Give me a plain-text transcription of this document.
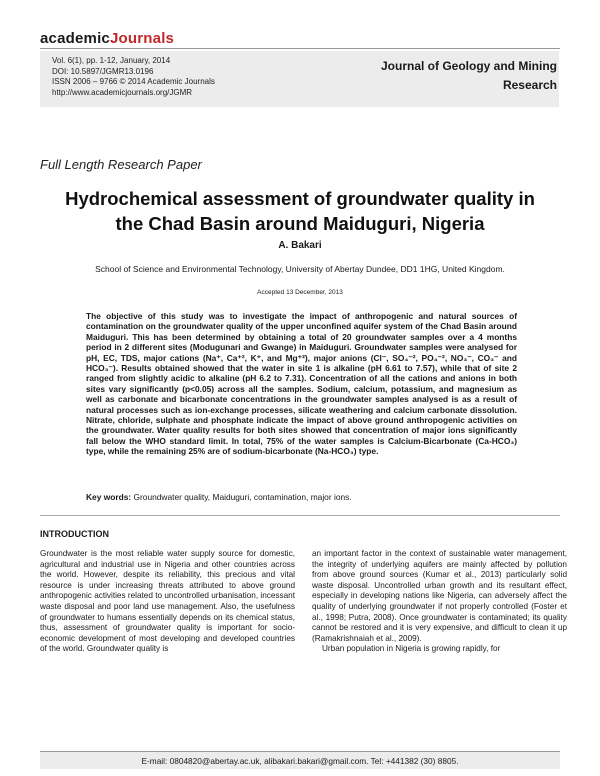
academicJournals
Vol. 6(1), pp. 1-12, January, 2014
DOI: 10.5897/JGMR13.0196
ISSN 2006 – 9766 © 2014 Academic Journals
http://www.academicjournals.org/JGMR
Journal of Geology and Mining
Research
Full Length Research Paper
Hydrochemical assessment of groundwater quality in
the Chad Basin around Maiduguri, Nigeria
A. Bakari
School of Science and Environmental Technology, University of Abertay Dundee, DD1 1HG, United Kingdom.
Accepted 13 December, 2013
The objective of this study was to investigate the impact of anthropogenic and natural sources of contamination on the groundwater quality of the upper unconfined aquifer system of the Chad Basin around Maiduguri. This has been determined by obtaining a total of 20 groundwater samples over a 4 months period in 2 different sites (Modugunari and Gwange) in Maiduguri. Groundwater samples were analysed for pH, EC, TDS, major cations (Na⁺, Ca⁺², K⁺, and Mg⁺²), major anions (Cl⁻, SO₄⁻², PO₄⁻², NO₃⁻, CO₃⁻ and HCO₃⁻). Results obtained showed that the water in site 1 is alkaline (pH 6.61 to 7.57), while that of site 2 ranged from slightly acidic to alkaline (pH 6.2 to 7.31). Concentration of all the cations and anions in both sites vary significantly (p<0.05) across all the samples. Sodium, calcium, potassium, and magnesium as well as carbonate and bicarbonate concentrations in the groundwater samples analysed is as a result of natural processes such as ion-exchange processes, silicate weathering and calcium carbonate dissolution. Nitrate, chloride, sulphate and phosphate indicate the impact of above ground anthropogenic activities on the groundwater. Water quality results for both sites showed that concentration of major ions significantly fall below the WHO standard limit. In total, 75% of the water samples is Calcium-Bicarbonate (Ca-HCO₃) type, while the remaining 25% are of sodium-bicarbonate (Na-HCO₃) type.
Key words: Groundwater quality, Maiduguri, contamination, major ions.
INTRODUCTION

Groundwater is the most reliable water supply source for domestic, agricultural and industrial use in Nigeria and other countries across the world. However, despite its reliability, this precious and vital resource is under increasing threats attributed to above ground anthropogenic activities related to uncontrolled urbanisation, incessant waste disposal and poor land use management. Also, the usefulness of groundwater to humans essentially depends on its chemical status, thus, assessment of groundwater quality is important for socio-economic development of most developing and developed countries of the world. Groundwater quality is

an important factor in the context of sustainable water management, the integrity of underlying aquifers are mainly affected by pollution from above ground sources (Kumar et al., 2013) particularly solid waste disposal. Uncontrolled urban growth and its resultant effect, especially in developing nations like Nigeria, can adversely affect the quality of underlying groundwater if not properly controlled (Foster et al., 1998; Putra, 2008). Once groundwater is contaminated; its quality cannot be restored and it is very expensive, and difficult to clean it up (Ramakrishnaiah et al., 2009).

Urban population in Nigeria is growing rapidly, for

E-mail: 0804820@abertay.ac.uk, alibakari.bakari@gmail.com. Tel: +441382 (30) 8805.
